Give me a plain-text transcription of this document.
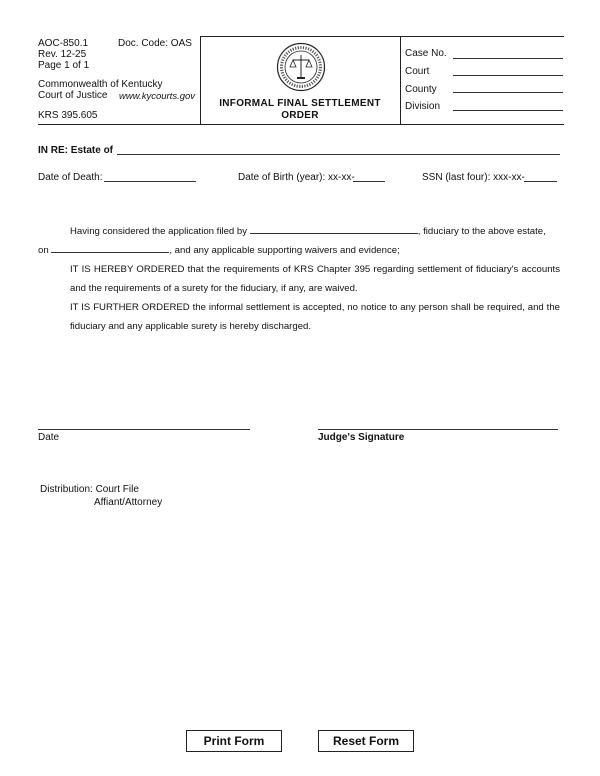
AOC-850.1	Doc. Code: OAS
Rev. 12-25
Page 1 of 1
Commonwealth of Kentucky
Court of Justice www.kycourts.gov
KRS 395.605
INFORMAL FINAL SETTLEMENT
ORDER
Case No.
Court
County
Division
IN RE: Estate of
Date of Death:	Date of Birth (year): xx-xx-	SSN (last four): xxx-xx-

Having considered the application filed by	, fiduciary to the above estate,

on	, and any applicable supporting waivers and evidence;

IT IS HEREBY ORDERED that the requirements of KRS Chapter 395 regarding settlement of fiduciary's accounts and the requirements of a surety for the fiduciary, if any, are waived.

IT IS FURTHER ORDERED the informal settlement is accepted, no notice to any person shall be required, and the fiduciary and any applicable surety is hereby discharged.

Date	Judge's Signature
Distribution: Court File
Affiant/Attorney
Print Form	Reset Form
